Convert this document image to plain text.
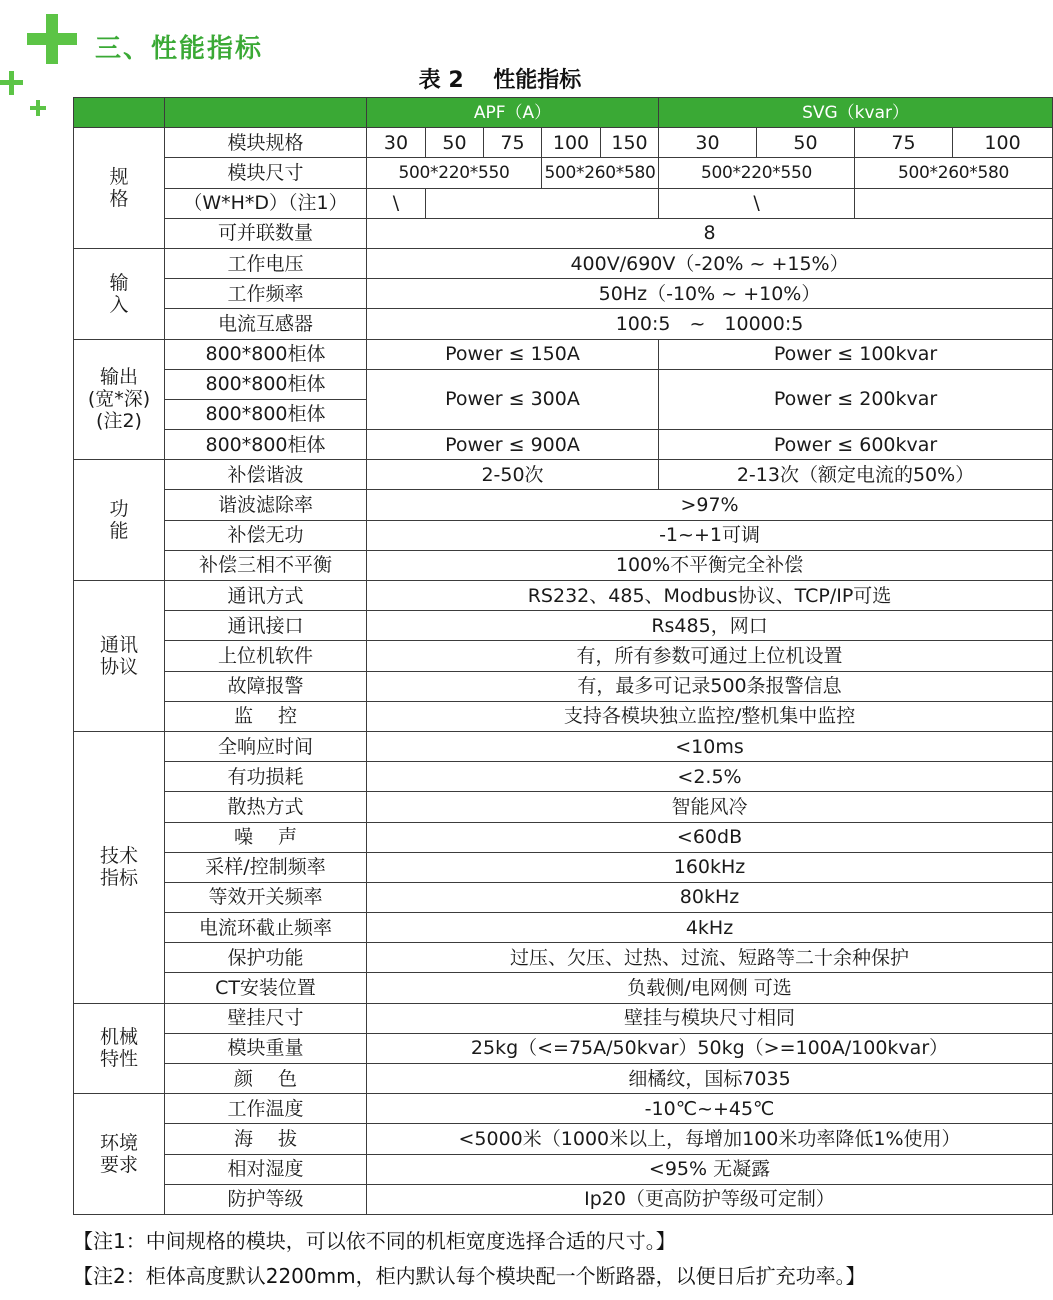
三、性能指标
表 2　 性能指标
		APF（A）					SVG（kvar）			
规
格	模块规格	30	50	75	100	150	30	50	75	100
	模块尺寸	500*220*550			500*260*580		500*220*550		500*260*580	
	（W*H*D）（注1）	\					\			
	可并联数量	8								
输
入	工作电压	400V/690V（-20% ~ +15%）								
	工作频率	50Hz（-10% ~ +10%）								
	电流互感器	100:5　~　10000:5								
输出
(宽*深)
(注2)	800*800柜体	Power ≤ 150A					Power ≤ 100kvar			
	800*800柜体	Power ≤ 300A					Power ≤ 200kvar			
	800*800柜体									
	800*800柜体	Power ≤ 900A					Power ≤ 600kvar			
功
能	补偿谐波	2-50次					2-13次（额定电流的50%）			
	谐波滤除率	>97%								
	补偿无功	-1~+1可调								
	补偿三相不平衡	100%不平衡完全补偿								
通讯
协议	通讯方式	RS232、485、Modbus协议、TCP/IP可选								
	通讯接口	Rs485，网口								
	上位机软件	有，所有参数可通过上位机设置								
	故障报警	有，最多可记录500条报警信息								
	监　 控	支持各模块独立监控/整机集中监控								
技术
指标	全响应时间	<10ms								
	有功损耗	<2.5%								
	散热方式	智能风冷								
	噪　 声	<60dB								
	采样/控制频率	160kHz								
	等效开关频率	80kHz								
	电流环截止频率	4kHz								
	保护功能	过压、欠压、过热、过流、短路等二十余种保护								
	CT安装位置	负载侧/电网侧 可选								
机械
特性	壁挂尺寸	壁挂与模块尺寸相同								
	模块重量	25kg（<=75A/50kvar）50kg（>=100A/100kvar）								
	颜　 色	细橘纹，国标7035								
环境
要求	工作温度	-10℃~+45℃								
	海　 拔	<5000米（1000米以上，每增加100米功率降低1%使用）								
	相对湿度	<95% 无凝露								
	防护等级	Ip20（更高防护等级可定制）								
【注1：中间规格的模块，可以依不同的机柜宽度选择合适的尺寸。】
【注2：柜体高度默认2200mm，柜内默认每个模块配一个断路器，以便日后扩充功率。】
